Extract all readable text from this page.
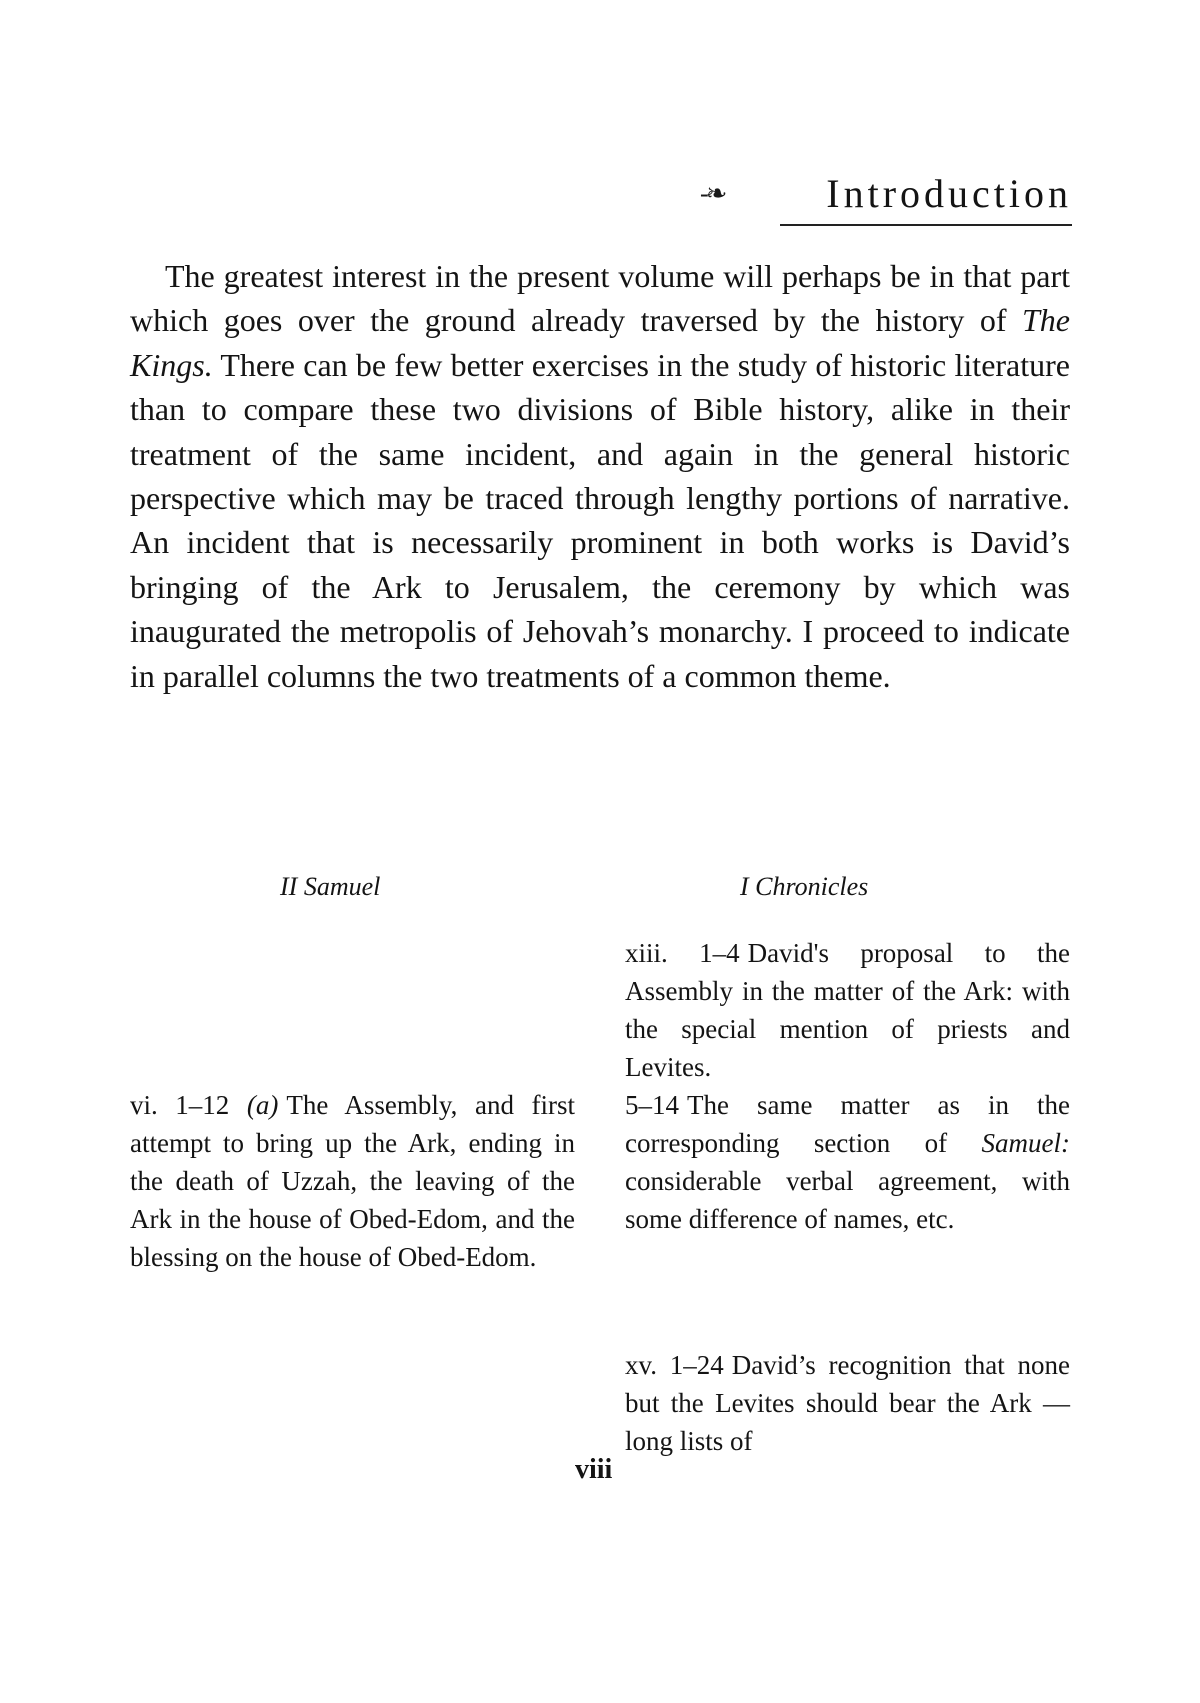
-❧	Introduction

The greatest interest in the present volume will perhaps be in that part which goes over the ground already traversed by the history of The Kings. There can be few better exercises in the study of historic literature than to compare these two divisions of Bible history, alike in their treatment of the same incident, and again in the general historic perspective which may be traced through lengthy portions of narrative. An incident that is necessarily prominent in both works is David’s bringing of the Ark to Jerusalem, the ceremony by which was inaugurated the metropolis of Jehovah’s monarchy. I proceed to indicate in parallel columns the two treatments of a common theme.

II Samuel	I Chronicles

xiii. 1–4 David's proposal to the Assembly in the matter of the Ark: with the special mention of priests and Levites.

5–14 The same matter as in the corresponding section of Samuel: considerable verbal agreement, with some difference of names, etc.

xv. 1–24 David’s recognition that none but the Levites should bear the Ark — long lists of

vi. 1–12 (a) The Assembly, and first attempt to bring up the Ark, ending in the death of Uzzah, the leaving of the Ark in the house of Obed-Edom, and the blessing on the house of Obed-Edom.

viii
